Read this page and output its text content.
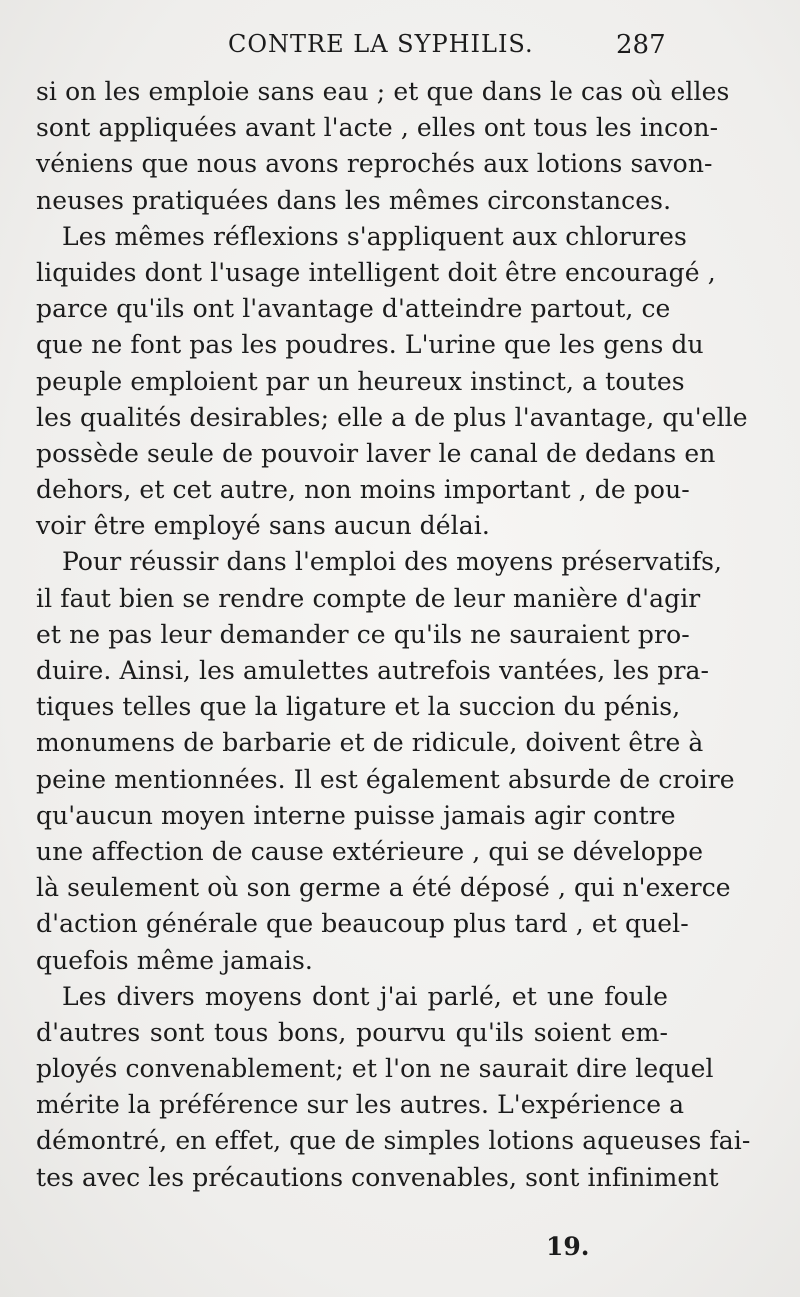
CONTRE LA SYPHILIS.	287
si on les emploie sans eau ; et que dans le cas où elles
sont appliquées avant l'acte , elles ont tous les incon-
véniens que nous avons reprochés aux lotions savon-
neuses pratiquées dans les mêmes circonstances.
Les mêmes réflexions s'appliquent aux chlorures
liquides dont l'usage intelligent doit être encouragé ,
parce qu'ils ont l'avantage d'atteindre partout, ce
que ne font pas les poudres. L'urine que les gens du
peuple emploient par un heureux instinct, a toutes
les qualités desirables; elle a de plus l'avantage, qu'elle
possède seule de pouvoir laver le canal de dedans en
dehors, et cet autre, non moins important , de pou-
voir être employé sans aucun délai.
Pour réussir dans l'emploi des moyens préservatifs,
il faut bien se rendre compte de leur manière d'agir
et ne pas leur demander ce qu'ils ne sauraient pro-
duire. Ainsi, les amulettes autrefois vantées, les pra-
tiques telles que la ligature et la succion du pénis,
monumens de barbarie et de ridicule, doivent être à
peine mentionnées. Il est également absurde de croire
qu'aucun moyen interne puisse jamais agir contre
une affection de cause extérieure , qui se développe
là seulement où son germe a été déposé , qui n'exerce
d'action générale que beaucoup plus tard , et quel-
quefois même jamais.
Les divers moyens dont j'ai parlé, et une foule
d'autres sont tous bons, pourvu qu'ils soient em-
ployés convenablement; et l'on ne saurait dire lequel
mérite la préférence sur les autres. L'expérience a
démontré, en effet, que de simples lotions aqueuses fai-
tes avec les précautions convenables, sont infiniment
19.
